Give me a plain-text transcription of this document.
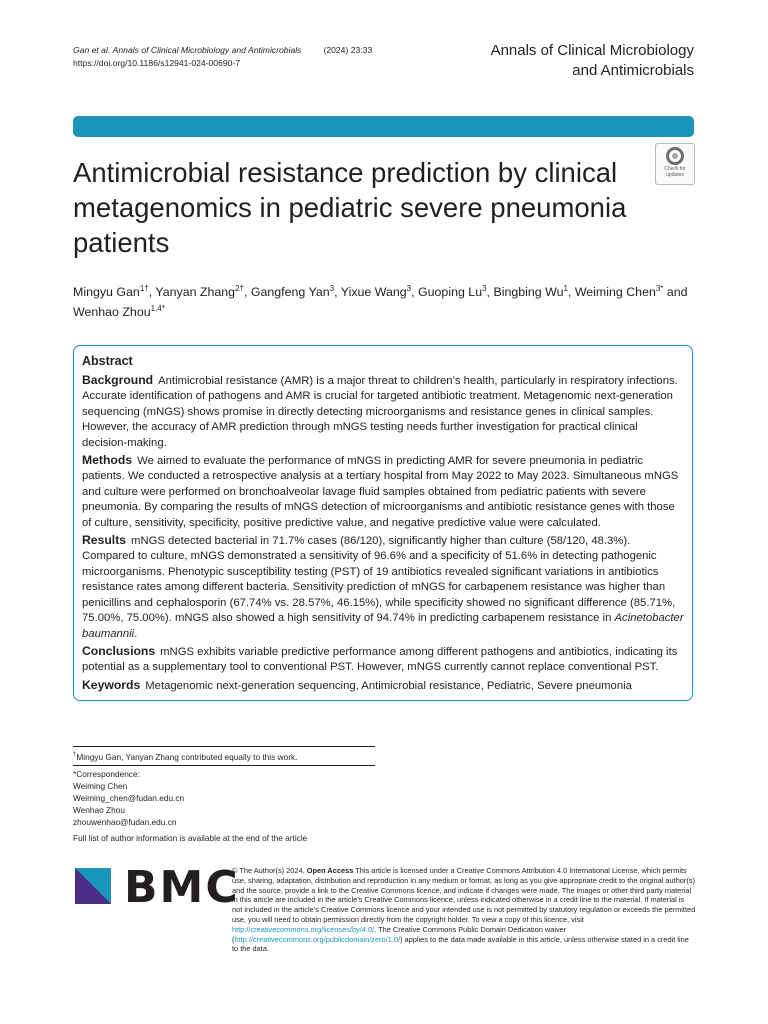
Gan et al. Annals of Clinical Microbiology and Antimicrobials	(2024) 23:33
https://doi.org/10.1186/s12941-024-00690-7
Annals of Clinical Microbiology
and Antimicrobials
Check for
updates
Antimicrobial resistance prediction by clinical metagenomics in pediatric severe pneumonia patients
Mingyu Gan$^{1\dagger}$, Yanyan Zhang$^{2\dagger}$, Gangfeng Yan$^3$, Yixue Wang$^3$, Guoping Lu$^3$, Bingbing Wu$^1$, Weiming Chen$^{3*}$ and Wenhao Zhou$^{1,4*}$
Abstract

Background Antimicrobial resistance (AMR) is a major threat to children’s health, particularly in respiratory infections. Accurate identification of pathogens and AMR is crucial for targeted antibiotic treatment. Metagenomic next-generation sequencing (mNGS) shows promise in directly detecting microorganisms and resistance genes in clinical samples. However, the accuracy of AMR prediction through mNGS testing needs further investigation for practical clinical decision-making.

Methods We aimed to evaluate the performance of mNGS in predicting AMR for severe pneumonia in pediatric patients. We conducted a retrospective analysis at a tertiary hospital from May 2022 to May 2023. Simultaneous mNGS and culture were performed on bronchoalveolar lavage fluid samples obtained from pediatric patients with severe pneumonia. By comparing the results of mNGS detection of microorganisms and antibiotic resistance genes with those of culture, sensitivity, specificity, positive predictive value, and negative predictive value were calculated.

Results mNGS detected bacterial in 71.7% cases (86/120), significantly higher than culture (58/120, 48.3%). Compared to culture, mNGS demonstrated a sensitivity of 96.6% and a specificity of 51.6% in detecting pathogenic microorganisms. Phenotypic susceptibility testing (PST) of 19 antibiotics revealed significant variations in antibiotics resistance rates among different bacteria. Sensitivity prediction of mNGS for carbapenem resistance was higher than penicillins and cephalosporin (67.74% vs. 28.57%, 46.15%), while specificity showed no significant difference (85.71%, 75.00%, 75.00%). mNGS also showed a high sensitivity of 94.74% in predicting carbapenem resistance in Acinetobacter baumannii.

Conclusions mNGS exhibits variable predictive performance among different pathogens and antibiotics, indicating its potential as a supplementary tool to conventional PST. However, mNGS currently cannot replace conventional PST.

Keywords Metagenomic next-generation sequencing, Antimicrobial resistance, Pediatric, Severe pneumonia

†Mingyu Gan, Yanyan Zhang contributed equally to this work.
*Correspondence:
Weiming Chen
Weiming_chen@fudan.edu.cn
Wenhao Zhou
zhouwenhao@fudan.edu.cn
Full list of author information is available at the end of the article
BMC
© The Author(s) 2024. Open Access This article is licensed under a Creative Commons Attribution 4.0 International License, which permits use, sharing, adaptation, distribution and reproduction in any medium or format, as long as you give appropriate credit to the original author(s) and the source, provide a link to the Creative Commons licence, and indicate if changes were made. The images or other third party material in this article are included in the article’s Creative Commons licence, unless indicated otherwise in a credit line to the material. If material is not included in the article’s Creative Commons licence and your intended use is not permitted by statutory regulation or exceeds the permitted use, you will need to obtain permission directly from the copyright holder. To view a copy of this licence, visit http://creativecommons.org/licenses/by/4.0/. The Creative Commons Public Domain Dedication waiver (http://creativecommons.org/publicdomain/zero/1.0/) applies to the data made available in this article, unless otherwise stated in a credit line to the data.
